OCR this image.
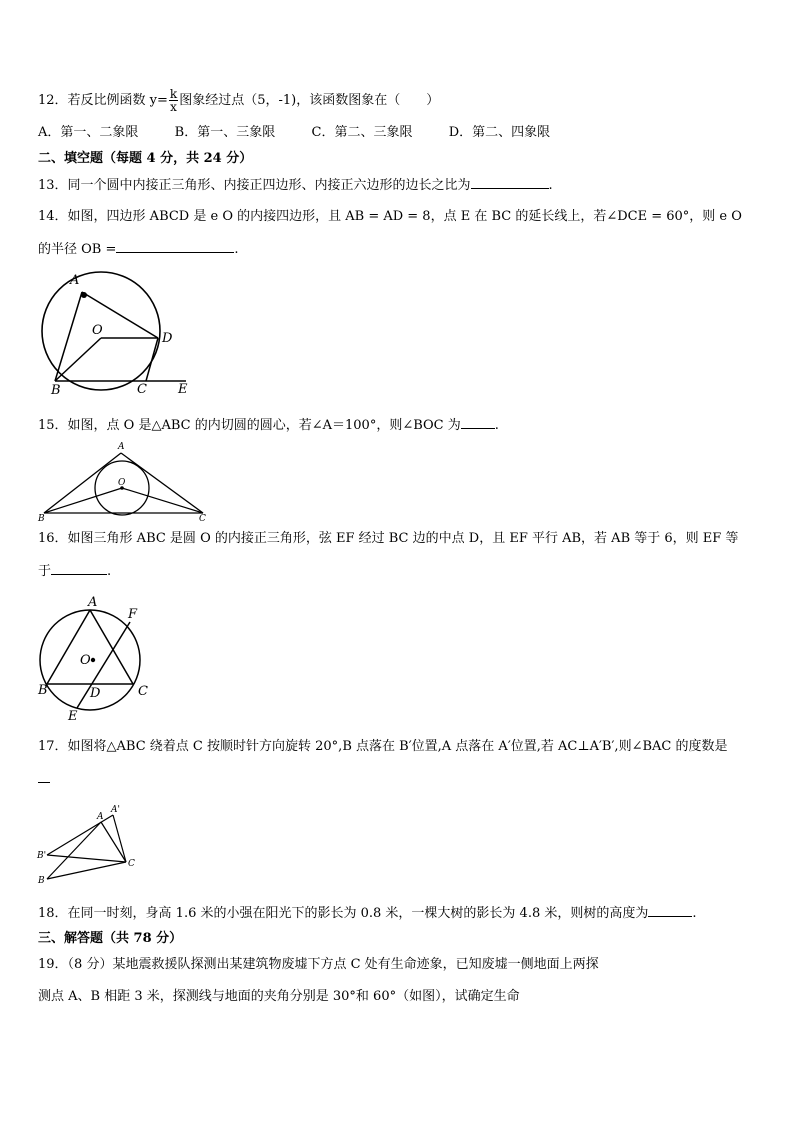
12．若反比例函数 $y= \frac{k}{x}$ 图象经过点（5，-1)，该函数图象在（　　）
A．第一、二象限	B．第一、三象限	C．第二、三象限	D．第二、四象限
二、填空题（每题 4 分，共 24 分）
13．同一个圆中内接正三角形、内接正四边形、内接正六边形的边长之比为	.
14．如图，四边形 ABCD 是 e O 的内接四边形，且 AB = AD = 8，点 E 在 BC 的延长线上，若∠DCE = 60°，则 e O
的半径 OB =	.
A
O
D
B	C E
15．如图，点 O 是△ABC 的内切圆的圆心，若∠A＝100°，则∠BOC 为	.
A
O
B	C
16．如图三角形 ABC 是圆 O 的内接正三角形，弦 EF 经过 BC 边的中点 D，且 EF 平行 AB，若 AB 等于 6，则 EF 等
于	.
A
F
O
B	D	C
E
17．如图将△ABC 绕着点 C 按顺时针方向旋转 20°,B 点落在 B′位置,A 点落在 A′位置,若 AC⊥A′B′,则∠BAC 的度数是
A
A'
B'
B
C
18．在同一时刻，身高 1.6 米的小强在阳光下的影长为 0.8 米，一棵大树的影长为 4.8 米，则树的高度为	.
三、解答题（共 78 分）
19．（8 分）某地震救援队探测出某建筑物废墟下方点 C 处有生命迹象，已知废墟一侧地面上两探
测点 A、B 相距 3 米，探测线与地面的夹角分别是 30°和 60°（如图），试确定生命
